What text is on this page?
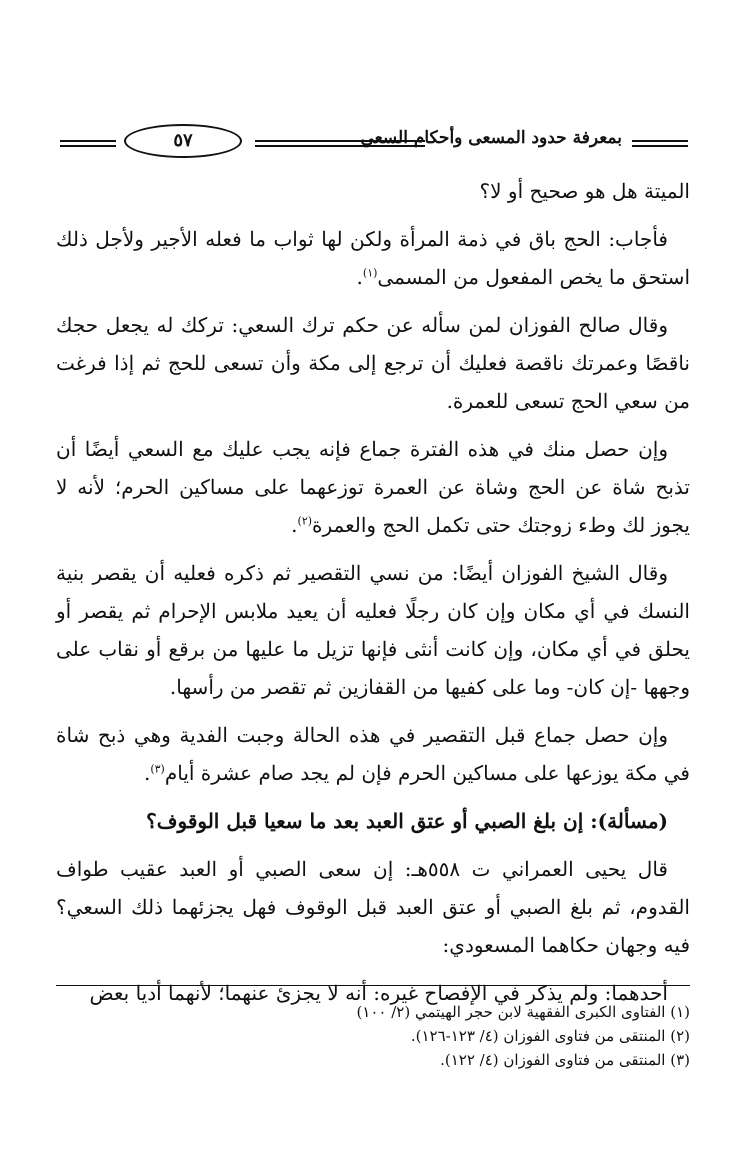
بمعرفة حدود المسعى وأحكام السعي
٥٧

الميتة هل هو صحيح أو لا؟

فأجاب: الحج باق في ذمة المرأة ولكن لها ثواب ما فعله الأجير ولأجل ذلك استحق ما يخص المفعول من المسمى$^{(١)}$.

وقال صالح الفوزان لمن سأله عن حكم ترك السعي: تركك له يجعل حجك ناقصًا وعمرتك ناقصة فعليك أن ترجع إلى مكة وأن تسعى للحج ثم إذا فرغت من سعي الحج تسعى للعمرة.

وإن حصل منك في هذه الفترة جماع فإنه يجب عليك مع السعي أيضًا أن تذبح شاة عن الحج وشاة عن العمرة توزعهما على مساكين الحرم؛ لأنه لا يجوز لك وطء زوجتك حتى تكمل الحج والعمرة$^{(٢)}$.

وقال الشيخ الفوزان أيضًا: من نسي التقصير ثم ذكره فعليه أن يقصر بنية النسك في أي مكان وإن كان رجلًا فعليه أن يعيد ملابس الإحرام ثم يقصر أو يحلق في أي مكان، وإن كانت أنثى فإنها تزيل ما عليها من برقع أو نقاب على وجهها -إن كان- وما على كفيها من القفازين ثم تقصر من رأسها.

وإن حصل جماع قبل التقصير في هذه الحالة وجبت الفدية وهي ذبح شاة في مكة يوزعها على مساكين الحرم فإن لم يجد صام عشرة أيام$^{(٣)}$.

(مسألة): إن بلغ الصبي أو عتق العبد بعد ما سعيا قبل الوقوف؟

قال يحيى العمراني ت ٥٥٨هـ: إن سعى الصبي أو العبد عقيب طواف القدوم، ثم بلغ الصبي أو عتق العبد قبل الوقوف فهل يجزئهما ذلك السعي؟ فيه وجهان حكاهما المسعودي:

أحدهما: ولم يذكر في الإفصاح غيره: أنه لا يجزئ عنهما؛ لأنهما أديا بعض

(١) الفتاوى الكبرى الفقهية لابن حجر الهيتمي (٢/ ١٠٠)
(٢) المنتقى من فتاوى الفوزان (٤/ ١٢٣-١٢٦).
(٣) المنتقى من فتاوى الفوزان (٤/ ١٢٢).
